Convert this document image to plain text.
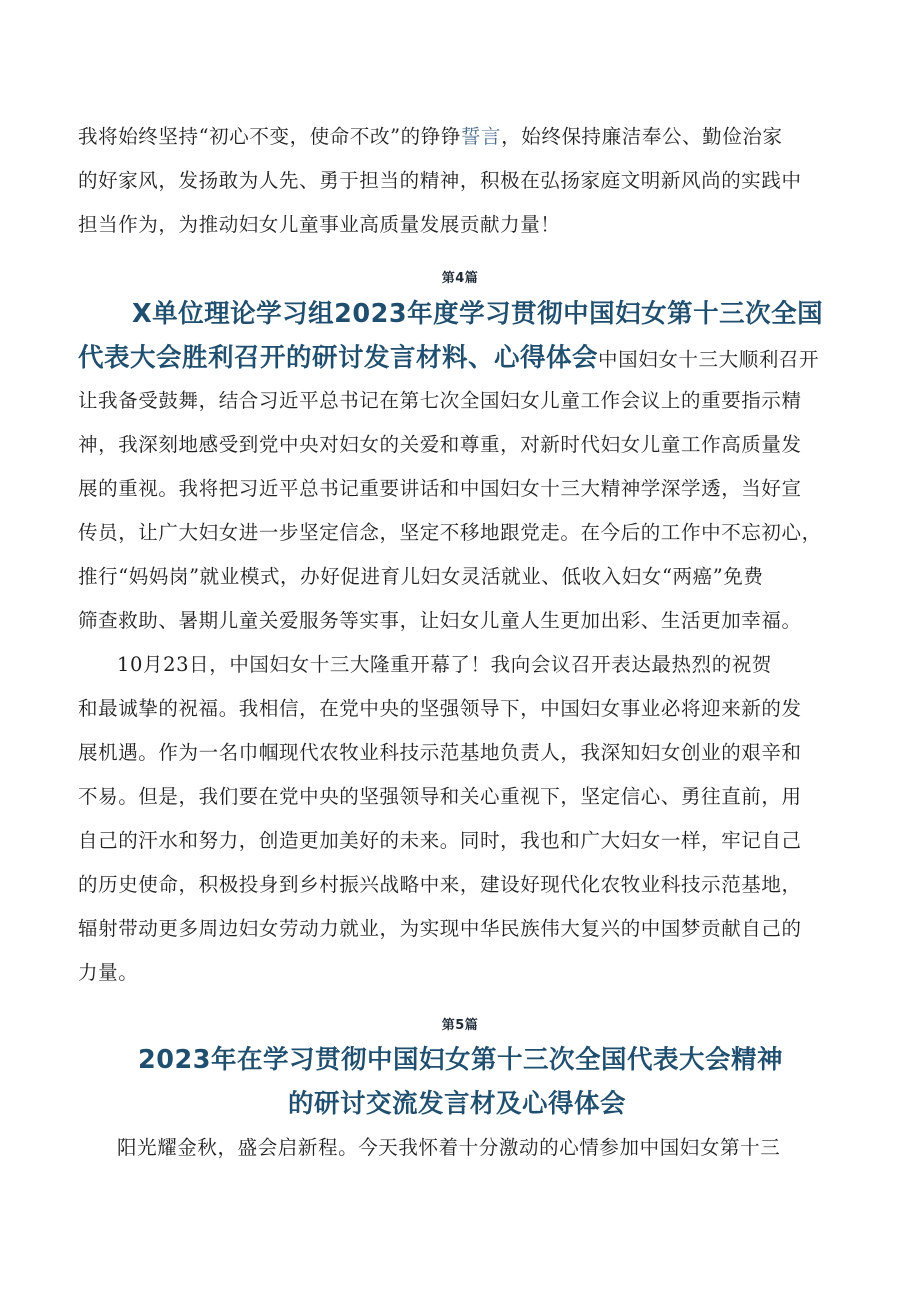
我将始终坚持“初心不变，使命不改”的铮铮誓言，始终保持廉洁奉公、勤俭治家
的好家风，发扬敢为人先、勇于担当的精神，积极在弘扬家庭文明新风尚的实践中
担当作为，为推动妇女儿童事业高质量发展贡献力量！
第4篇
X单位理论学习组2023年度学习贯彻中国妇女第十三次全国
代表大会胜利召开的研讨发言材料、心得体会中国妇女十三大顺利召开
让我备受鼓舞，结合习近平总书记在第七次全国妇女儿童工作会议上的重要指示精
神，我深刻地感受到党中央对妇女的关爱和尊重，对新时代妇女儿童工作高质量发
展的重视。我将把习近平总书记重要讲话和中国妇女十三大精神学深学透，当好宣
传员，让广大妇女进一步坚定信念，坚定不移地跟党走。在今后的工作中不忘初心，
推行“妈妈岗”就业模式，办好促进育儿妇女灵活就业、低收入妇女“两癌”免费
筛查救助、暑期儿童关爱服务等实事，让妇女儿童人生更加出彩、生活更加幸福。
10月23日，中国妇女十三大隆重开幕了！我向会议召开表达最热烈的祝贺
和最诚挚的祝福。我相信，在党中央的坚强领导下，中国妇女事业必将迎来新的发
展机遇。作为一名巾帼现代农牧业科技示范基地负责人，我深知妇女创业的艰辛和
不易。但是，我们要在党中央的坚强领导和关心重视下，坚定信心、勇往直前，用
自己的汗水和努力，创造更加美好的未来。同时，我也和广大妇女一样，牢记自己
的历史使命，积极投身到乡村振兴战略中来，建设好现代化农牧业科技示范基地，
辐射带动更多周边妇女劳动力就业，为实现中华民族伟大复兴的中国梦贡献自己的
力量。
第5篇
2023年在学习贯彻中国妇女第十三次全国代表大会精神
的研讨交流发言材及心得体会
阳光耀金秋，盛会启新程。今天我怀着十分激动的心情参加中国妇女第十三
